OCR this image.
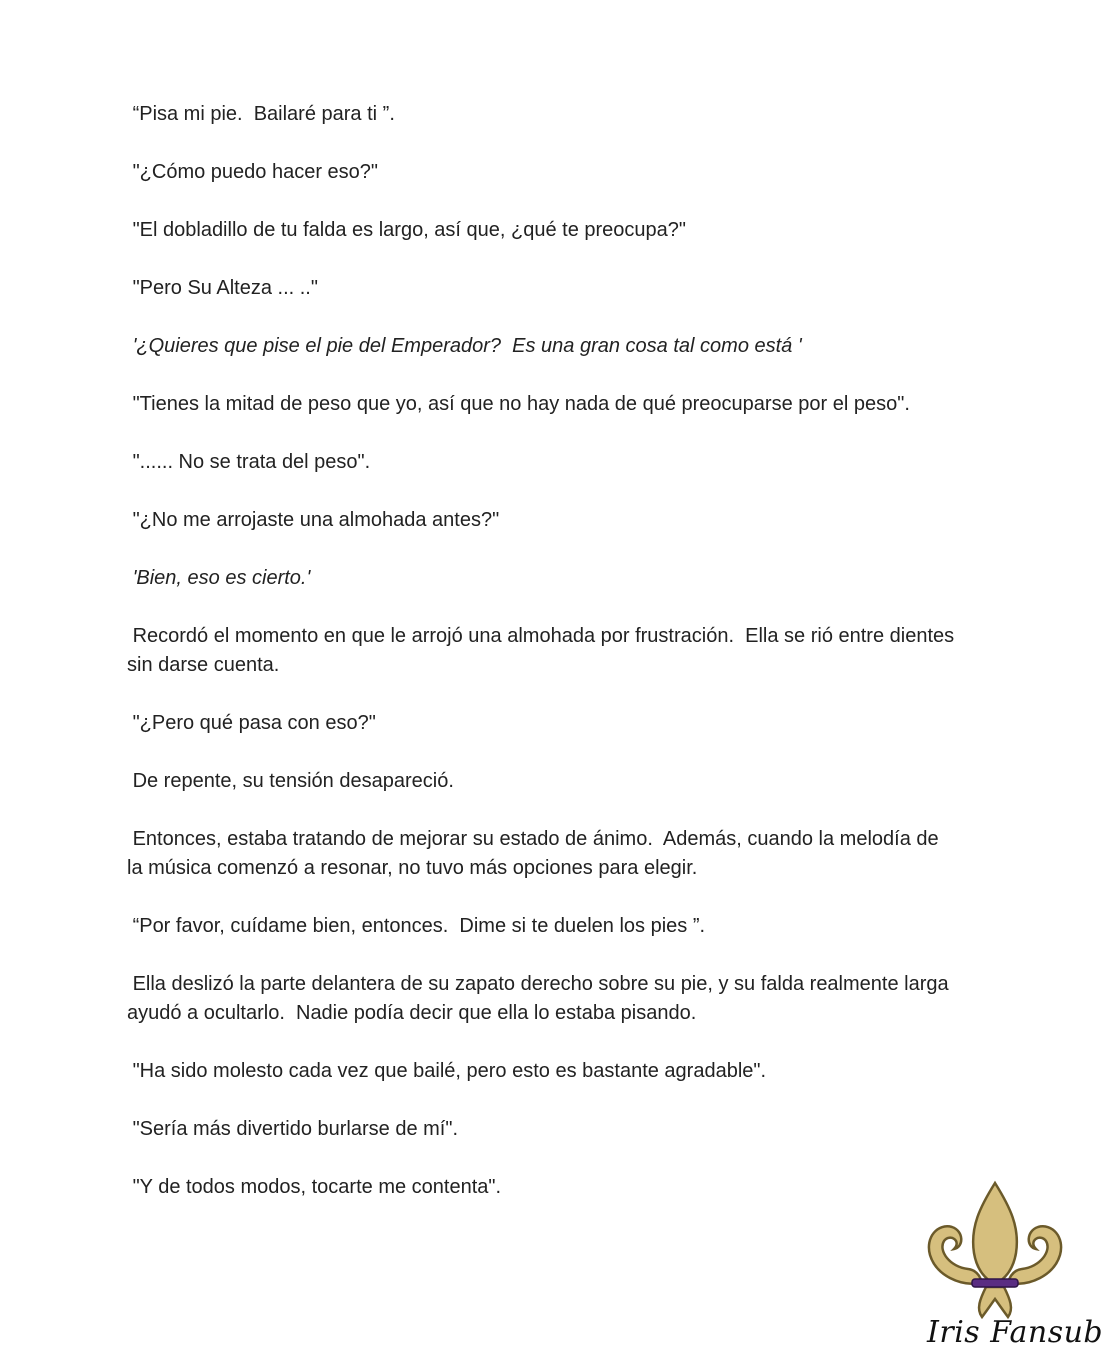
“Pisa mi pie.  Bailaré para ti ”.

"¿Cómo puedo hacer eso?"

"El dobladillo de tu falda es largo, así que, ¿qué te preocupa?"

"Pero Su Alteza ... .."

'¿Quieres que pise el pie del Emperador?  Es una gran cosa tal como está '

"Tienes la mitad de peso que yo, así que no hay nada de qué preocuparse por el peso".

"...... No se trata del peso".

"¿No me arrojaste una almohada antes?"

'Bien, eso es cierto.'

Recordó el momento en que le arrojó una almohada por frustración.  Ella se rió entre dientes sin darse cuenta.

"¿Pero qué pasa con eso?"

De repente, su tensión desapareció.

Entonces, estaba tratando de mejorar su estado de ánimo.  Además, cuando la melodía de la música comenzó a resonar, no tuvo más opciones para elegir.

“Por favor, cuídame bien, entonces.  Dime si te duelen los pies ”.

Ella deslizó la parte delantera de su zapato derecho sobre su pie, y su falda realmente larga ayudó a ocultarlo.  Nadie podía decir que ella lo estaba pisando.

"Ha sido molesto cada vez que bailé, pero esto es bastante agradable".

"Sería más divertido burlarse de mí".

"Y de todos modos, tocarte me contenta".

Iris Fansub
